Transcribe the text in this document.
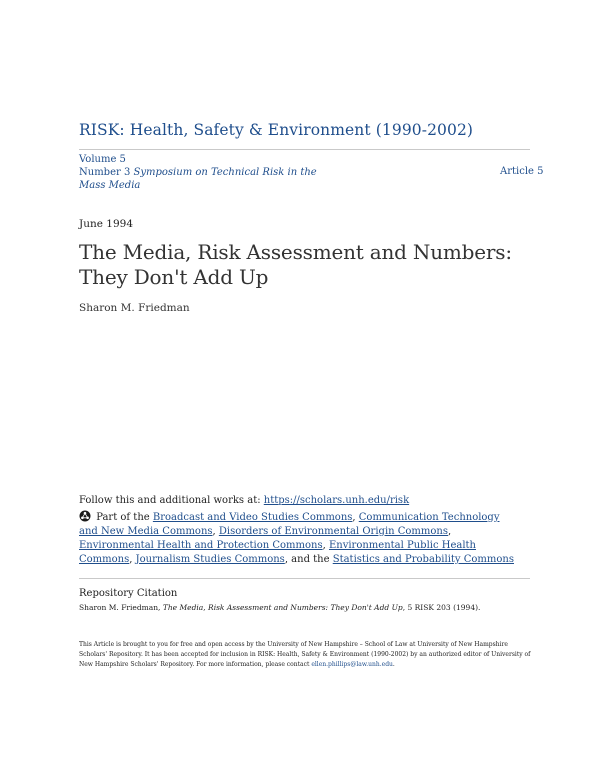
RISK: Health, Safety & Environment (1990-2002)
Volume 5
Number 3 Symposium on Technical Risk in the Mass Media
Article 5
June 1994
The Media, Risk Assessment and Numbers: They Don't Add Up
Sharon M. Friedman
Follow this and additional works at: https://scholars.unh.edu/risk
Part of the Broadcast and Video Studies Commons, Communication Technology and New Media Commons, Disorders of Environmental Origin Commons, Environmental Health and Protection Commons, Environmental Public Health Commons, Journalism Studies Commons, and the Statistics and Probability Commons
Repository Citation
Sharon M. Friedman, The Media, Risk Assessment and Numbers: They Don't Add Up, 5 RISK 203 (1994).
This Article is brought to you for free and open access by the University of New Hampshire – School of Law at University of New Hampshire Scholars' Repository. It has been accepted for inclusion in RISK: Health, Safety & Environment (1990-2002) by an authorized editor of University of New Hampshire Scholars' Repository. For more information, please contact ellen.phillips@law.unh.edu.
